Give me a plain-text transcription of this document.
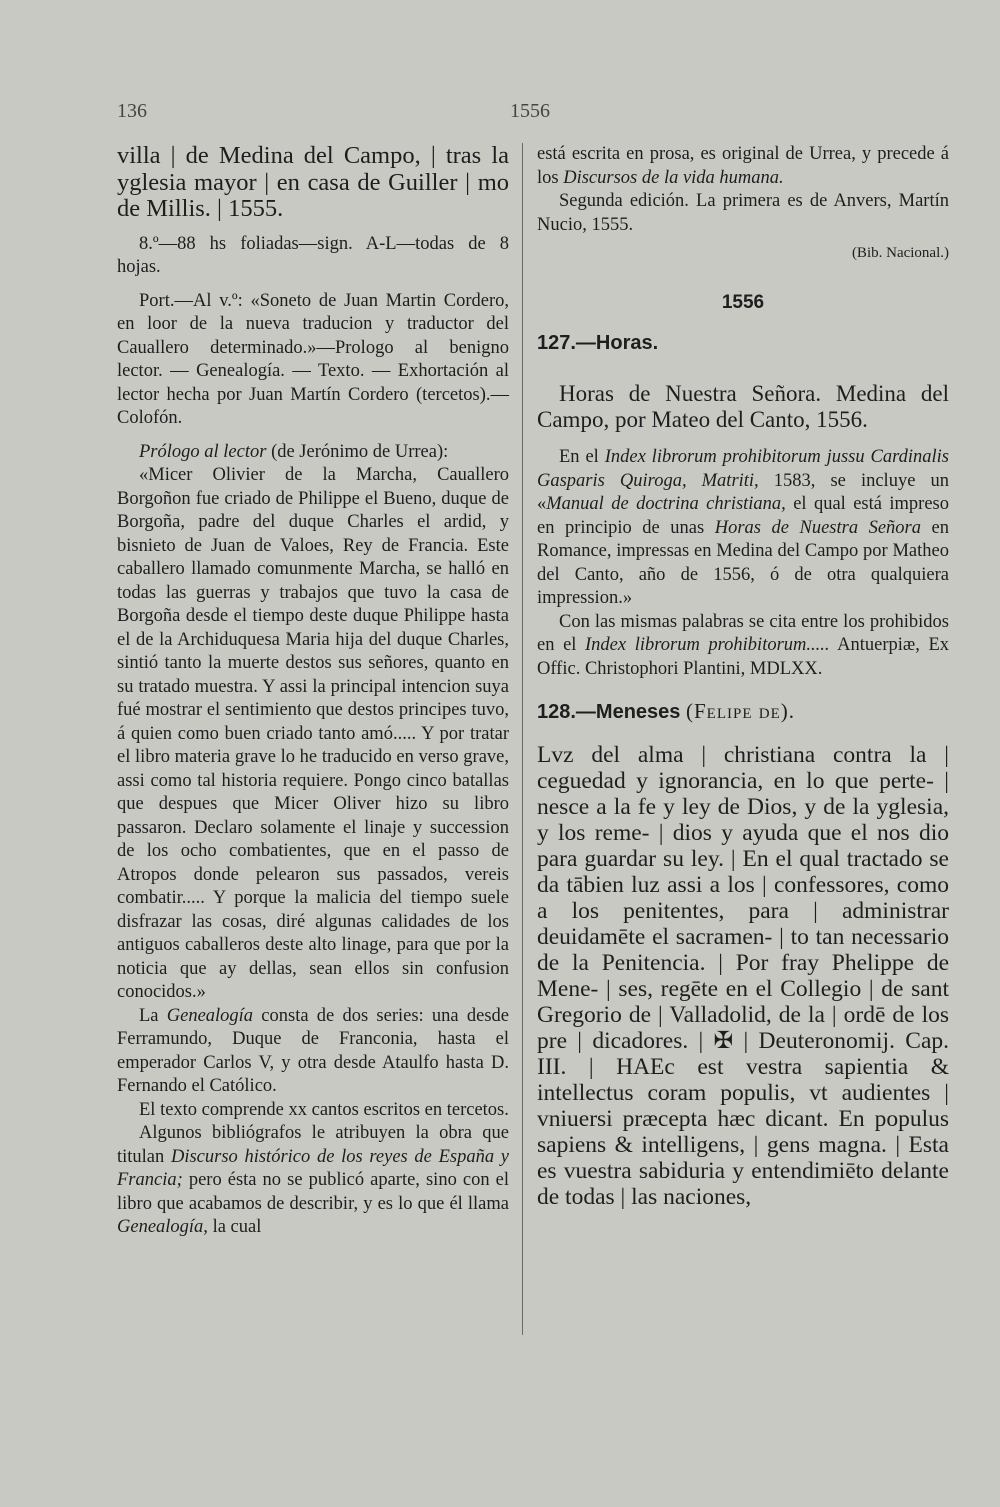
136	1556

villa | de Medina del Campo, | tras la yglesia mayor | en casa de Guiller | mo de Millis. | 1555.

8.º—88 hs foliadas—sign. A-L—todas de 8 hojas.

Port.—Al v.º: «Soneto de Juan Martin Cordero, en loor de la nueva traducion y traductor del Cauallero determinado.»—Prologo al benigno lector. — Genealogía. — Texto. — Exhortación al lector hecha por Juan Martín Cordero (tercetos).—Colofón.

Prólogo al lector (de Jerónimo de Urrea):

«Micer Olivier de la Marcha, Cauallero Borgoñon fue criado de Philippe el Bueno, duque de Borgoña, padre del duque Charles el ardid, y bisnieto de Juan de Valoes, Rey de Francia. Este caballero llamado comunmente Marcha, se halló en todas las guerras y trabajos que tuvo la casa de Borgoña desde el tiempo deste duque Philippe hasta el de la Archiduquesa Maria hija del duque Charles, sintió tanto la muerte destos sus señores, quanto en su tratado muestra. Y assi la principal intencion suya fué mostrar el sentimiento que destos principes tuvo, á quien como buen criado tanto amó..... Y por tratar el libro materia grave lo he traducido en verso grave, assi como tal historia requiere. Pongo cinco batallas que despues que Micer Oliver hizo su libro passaron. Declaro solamente el linaje y succession de los ocho combatientes, que en el passo de Atropos donde pelearon sus passados, vereis combatir..... Y porque la malicia del tiempo suele disfrazar las cosas, diré algunas calidades de los antiguos caballeros deste alto linage, para que por la noticia que ay dellas, sean ellos sin confusion conocidos.»

La Genealogía consta de dos series: una desde Ferramundo, Duque de Franconia, hasta el emperador Carlos V, y otra desde Ataulfo hasta D. Fernando el Católico.

El texto comprende xx cantos escritos en tercetos.

Algunos bibliógrafos le atribuyen la obra que titulan Discurso histórico de los reyes de España y Francia; pero ésta no se publicó aparte, sino con el libro que acabamos de describir, y es lo que él llama Genealogía, la cual

está escrita en prosa, es original de Urrea, y precede á los Discursos de la vida humana.

Segunda edición. La primera es de Anvers, Martín Nucio, 1555.

(Bib. Nacional.)

1556

127.—Horas.

Horas de Nuestra Señora. Medina del Campo, por Mateo del Canto, 1556.

En el Index librorum prohibitorum jussu Cardinalis Gasparis Quiroga, Matriti, 1583, se incluye un «Manual de doctrina christiana, el qual está impreso en principio de unas Horas de Nuestra Señora en Romance, impressas en Medina del Campo por Matheo del Canto, año de 1556, ó de otra qualquiera impression.»

Con las mismas palabras se cita entre los prohibidos en el Index librorum prohibitorum..... Antuerpiæ, Ex Offic. Christophori Plantini, MDLXX.

128.—Meneses (Felipe de).

Lvz del alma | christiana contra la | ceguedad y ignorancia, en lo que perte- | nesce a la fe y ley de Dios, y de la yglesia, y los reme- | dios y ayuda que el nos dio para guardar su ley. | En el qual tractado se da tābien luz assi a los | confessores, como a los penitentes, para | administrar deuidamēte el sacramen- | to tan necessario de la Penitencia. | Por fray Phelippe de Mene- | ses, regēte en el Collegio | de sant Gregorio de | Valladolid, de la | ordē de los pre | dicadores. | ✠ | Deuteronomij. Cap. III. | HAEc est vestra sapientia & intellectus coram populis, vt audientes | vniuersi præcepta hæc dicant. En populus sapiens & intelligens, | gens magna. | Esta es vuestra sabiduria y entendimiēto delante de todas | las naciones,
